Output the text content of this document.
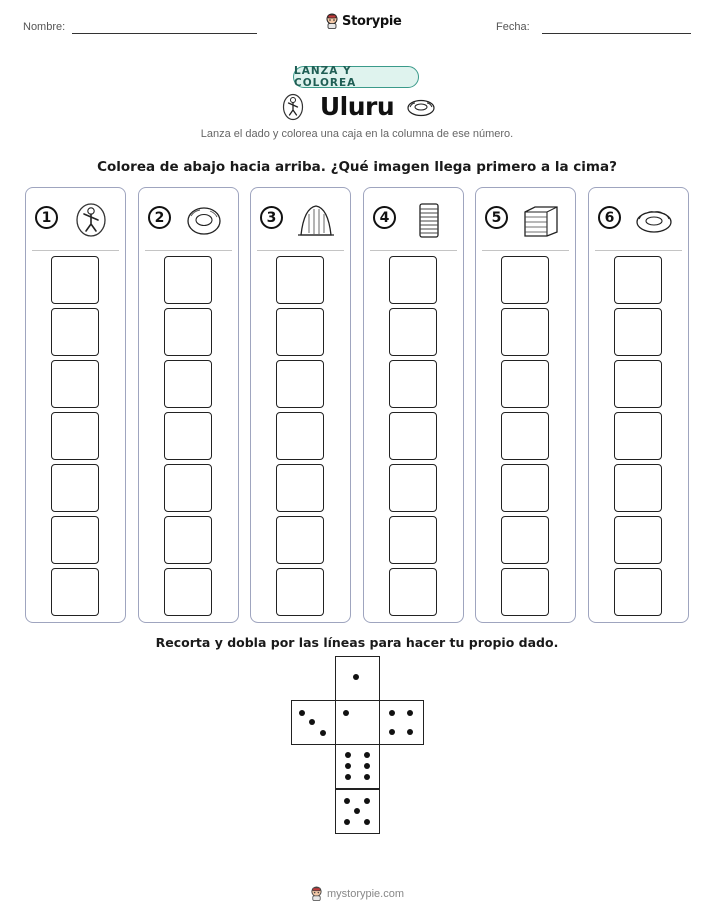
Nombre:	Storypie	Fecha:
LANZA Y COLOREA
Uluru
Lanza el dado y colorea una caja en la columna de ese número.
Colorea de abajo hacia arriba. ¿Qué imagen llega primero a la cima?
1	2	3	4	5	6
Recorta y dobla por las líneas para hacer tu propio dado.
mystorypie.com
